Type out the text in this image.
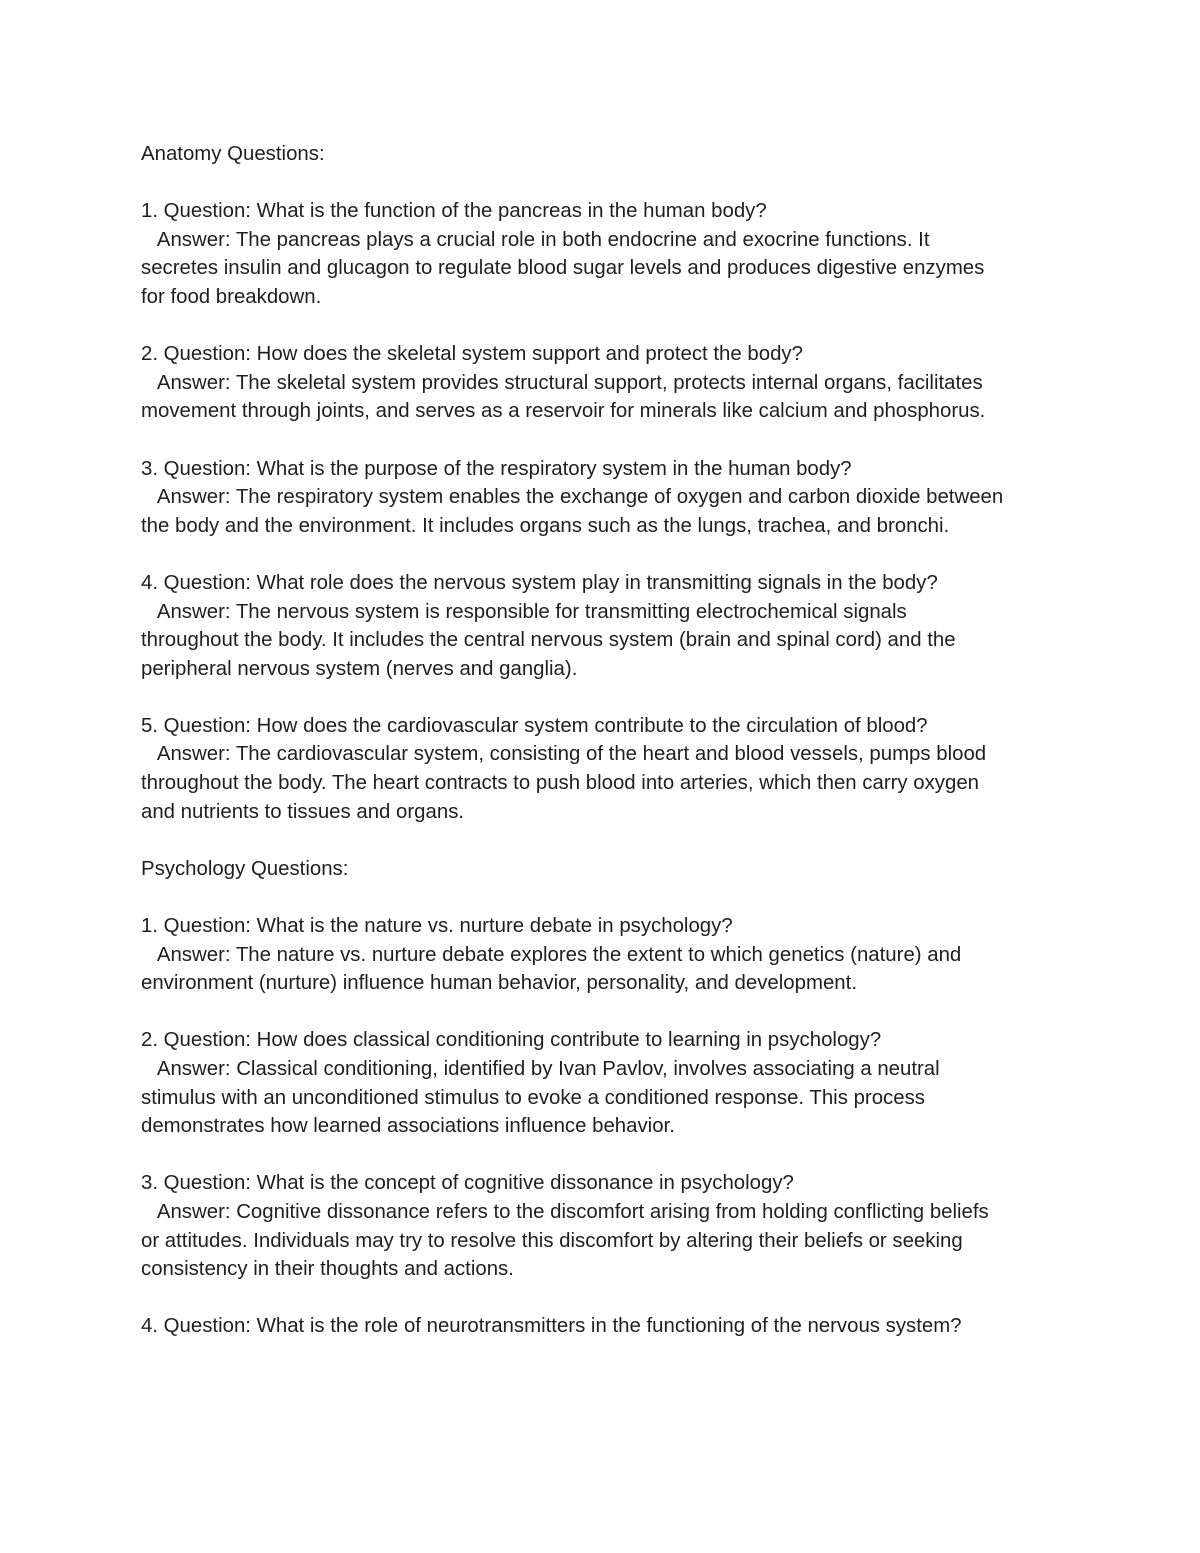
Anatomy Questions:
1. Question: What is the function of the pancreas in the human body?
Answer: The pancreas plays a crucial role in both endocrine and exocrine functions. It
secretes insulin and glucagon to regulate blood sugar levels and produces digestive enzymes
for food breakdown.
2. Question: How does the skeletal system support and protect the body?
Answer: The skeletal system provides structural support, protects internal organs, facilitates
movement through joints, and serves as a reservoir for minerals like calcium and phosphorus.
3. Question: What is the purpose of the respiratory system in the human body?
Answer: The respiratory system enables the exchange of oxygen and carbon dioxide between
the body and the environment. It includes organs such as the lungs, trachea, and bronchi.
4. Question: What role does the nervous system play in transmitting signals in the body?
Answer: The nervous system is responsible for transmitting electrochemical signals
throughout the body. It includes the central nervous system (brain and spinal cord) and the
peripheral nervous system (nerves and ganglia).
5. Question: How does the cardiovascular system contribute to the circulation of blood?
Answer: The cardiovascular system, consisting of the heart and blood vessels, pumps blood
throughout the body. The heart contracts to push blood into arteries, which then carry oxygen
and nutrients to tissues and organs.
Psychology Questions:
1. Question: What is the nature vs. nurture debate in psychology?
Answer: The nature vs. nurture debate explores the extent to which genetics (nature) and
environment (nurture) influence human behavior, personality, and development.
2. Question: How does classical conditioning contribute to learning in psychology?
Answer: Classical conditioning, identified by Ivan Pavlov, involves associating a neutral
stimulus with an unconditioned stimulus to evoke a conditioned response. This process
demonstrates how learned associations influence behavior.
3. Question: What is the concept of cognitive dissonance in psychology?
Answer: Cognitive dissonance refers to the discomfort arising from holding conflicting beliefs
or attitudes. Individuals may try to resolve this discomfort by altering their beliefs or seeking
consistency in their thoughts and actions.
4. Question: What is the role of neurotransmitters in the functioning of the nervous system?
